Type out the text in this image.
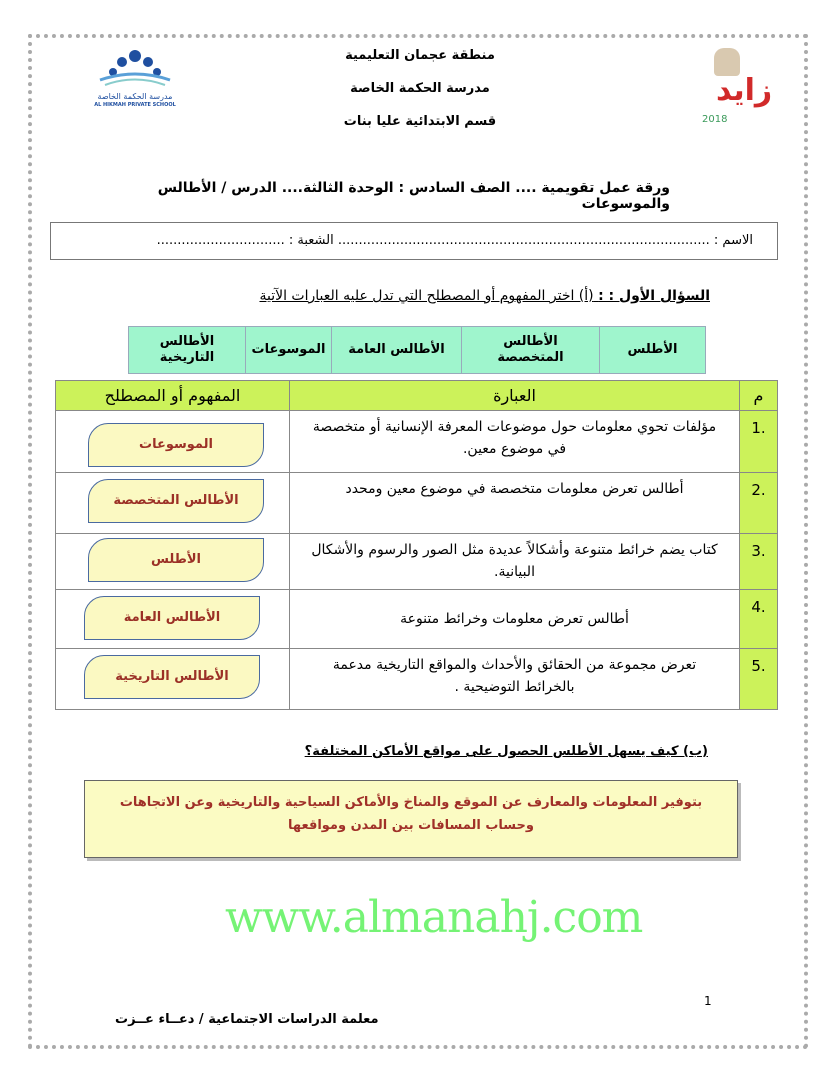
مدرسة الحكمة الخاصة
AL HIKMAH PRIVATE SCHOOL	زايد
2018
منطقة عجمان التعليمية
مدرسة الحكمة الخاصة
قسم الابتدائية عليا بنات
ورقة عمل تقويمية .... الصف السادس : الوحدة الثالثة.... الدرس / الأطالس والموسوعات
الاسم : .......................................................................................... الشعبة : ...............................
السؤال الأول : : (أ) اختر المفهوم أو المصطلح التي تدل عليه العبارات الآتية
الأطلس	الأطالس المتخصصة	الأطالس العامة	الموسوعات	الأطالس التاريخية
م	العبارة	المفهوم أو المصطلح
.1	مؤلفات تحوي معلومات حول موضوعات المعرفة الإنسانية أو متخصصة في موضوع معين.	الموسوعات

.2	أطالس تعرض معلومات متخصصة في موضوع معين ومحدد	الأطالس المتخصصة

.3	كتاب يضم خرائط متنوعة وأشكالاً عديدة مثل الصور والرسوم والأشكال البيانية.	الأطلس

.4	أطالس تعرض معلومات وخرائط متنوعة	الأطالس العامة

.5	تعرض مجموعة من الحقائق والأحداث والمواقع التاريخية مدعمة بالخرائط التوضيحية .	الأطالس التاريخية
www.almanahj.com
(ب) كيف يسهل الأطلس الحصول على مواقع الأماكن المختلفة؟
بتوفير المعلومات والمعارف عن الموقع والمناخ والأماكن السياحية والتاريخية وعن الاتجاهات وحساب المسافات بين المدن ومواقعها
1
معلمة الدراسات الاجتماعية / دعــاء عــزت
